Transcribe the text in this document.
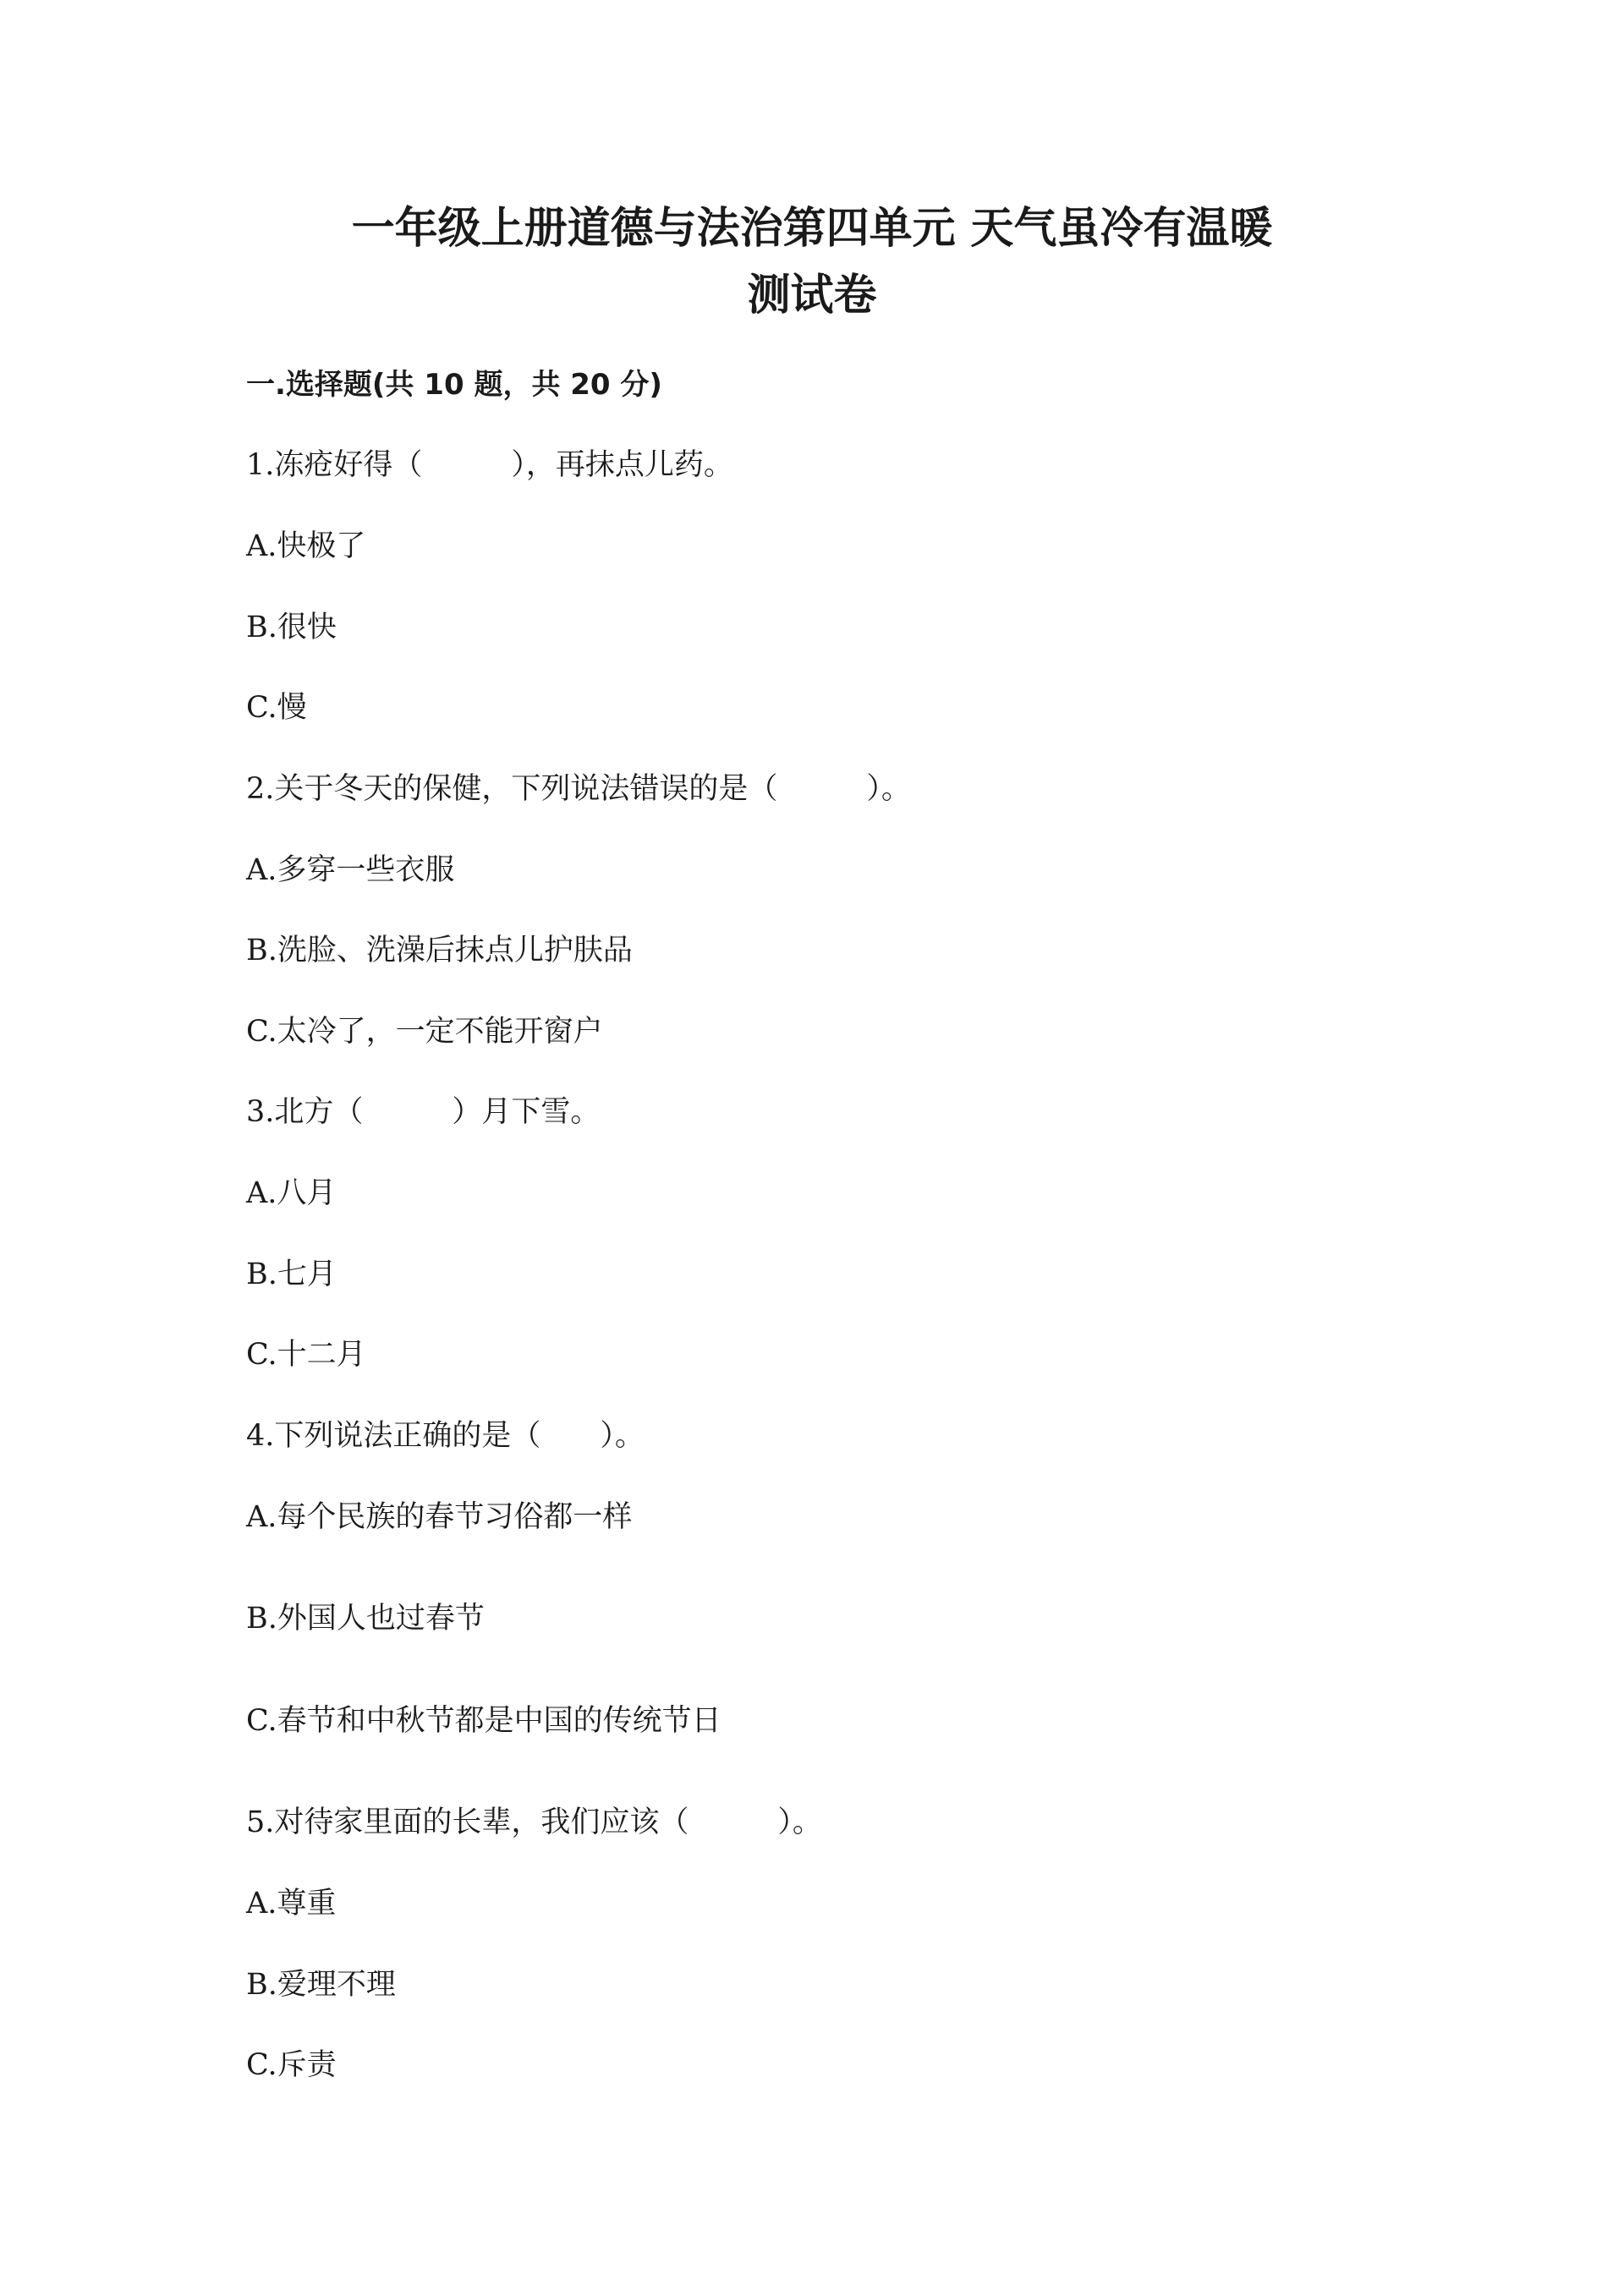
一年级上册道德与法治第四单元 天气虽冷有温暖
测试卷
一.选择题(共 10 题，共 20 分)

1.冻疮好得（　　　），再抹点儿药。

A.快极了

B.很快

C.慢

2.关于冬天的保健，下列说法错误的是（　　　）。

A.多穿一些衣服

B.洗脸、洗澡后抹点儿护肤品

C.太冷了，一定不能开窗户

3.北方（　　　）月下雪。

A.八月

B.七月

C.十二月

4.下列说法正确的是（　　）。

A.每个民族的春节习俗都一样

B.外国人也过春节

C.春节和中秋节都是中国的传统节日

5.对待家里面的长辈，我们应该（　　　）。

A.尊重

B.爱理不理

C.斥责
